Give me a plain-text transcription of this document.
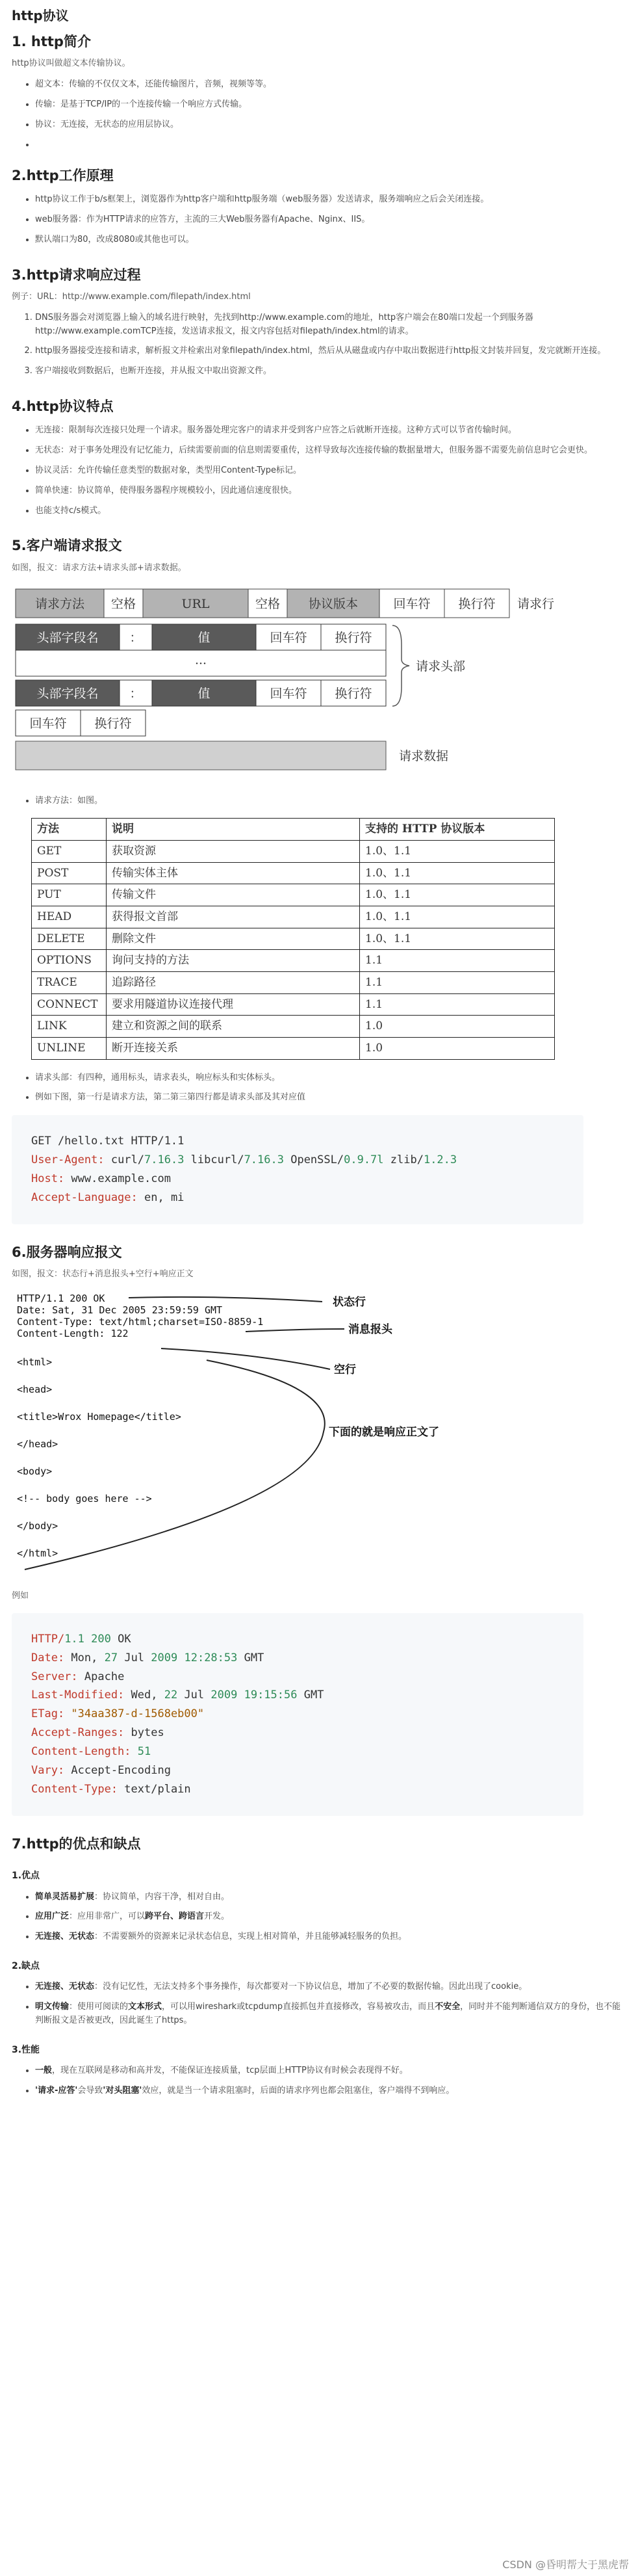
http协议
1. http简介

http协议叫做超文本传输协议。

• 超文本：传输的不仅仅文本，还能传输图片，音频，视频等等。
• 传输：是基于TCP/IP的一个连接传输一个响应方式传输。
• 协议：无连接，无状态的应用层协议。
•
2.http工作原理
• http协议工作于b/s框架上，浏览器作为http客户端和http服务端（web服务器）发送请求，服务端响应之后会关闭连接。
• web服务器：作为HTTP请求的应答方，主流的三大Web服务器有Apache、Nginx、IIS。
• 默认端口为80，改成8080或其他也可以。
3.http请求响应过程

例子：URL：http://www.example.com/filepath/index.html

1. DNS服务器会对浏览器上输入的域名进行映射，先找到http://www.example.com的地址，http客户端会在80端口发起一个到服务器http://www.example.comTCP连接，发送请求报文，报文内容包括对filepath/index.html的请求。
2. http服务器接受连接和请求，解析报文并检索出对象filepath/index.html，然后从从磁盘或内存中取出数据进行http报文封装并回复，发完就断开连接。
3. 客户端接收到数据后，也断开连接，并从报文中取出资源文件。
4.http协议特点
• 无连接：限制每次连接只处理一个请求。服务器处理完客户的请求并受到客户应答之后就断开连接。这种方式可以节省传输时间。
• 无状态：对于事务处理没有记忆能力，后续需要前面的信息则需要重传，这样导致每次连接传输的数据量增大，但服务器不需要先前信息时它会更快。
• 协议灵活：允许传输任意类型的数据对象，类型用Content-Type标记。
• 简单快速：协议简单，使得服务器程序规模较小，因此通信速度很快。
• 也能支持c/s模式。
5.客户端请求报文

如图，报文：请求方法+请求头部+请求数据。

请求方法 空格	URL	空格 协议版本	回车符 换行符 请求行
头部字段名	：	值	回车符 换行符
···
头部字段名	：	值	回车符 换行符
回车符 换行符
请求头部
请求数据
• 请求方法：如图。
方法	说明	支持的 HTTP 协议版本
GET	获取资源	1.0、1.1
POST	传输实体主体	1.0、1.1
PUT	传输文件	1.0、1.1
HEAD	获得报文首部	1.0、1.1
DELETE	删除文件	1.0、1.1
OPTIONS	询问支持的方法	1.1
TRACE	追踪路径	1.1
CONNECT	要求用隧道协议连接代理	1.1
LINK	建立和资源之间的联系	1.0
UNLINE	断开连接关系	1.0
• 请求头部：有四种，通用标头，请求表头，响应标头和实体标头。
• 例如下图，第一行是请求方法，第二第三第四行都是请求头部及其对应值
GET /hello.txt HTTP/1.1
User-Agent: curl/7.16.3 libcurl/7.16.3 OpenSSL/0.9.7l zlib/1.2.3
Host: www.example.com
Accept-Language: en, mi
6.服务器响应报文

如图，报文：状态行+消息报头+空行+响应正文

HTTP/1.1 200 OK
Date: Sat, 31 Dec 2005 23:59:59 GMT
Content-Type: text/html;charset=ISO-8859-1
Content-Length: 122
<html>
<head>
<title>Wrox Homepage</title>
</head>
<body>
<!-- body goes here -->
</body>
</html>
状态行
消息报头
空行
下面的就是响应正文了

例如

HTTP/1.1 200 OK
Date: Mon, 27 Jul 2009 12:28:53 GMT
Server: Apache
Last-Modified: Wed, 22 Jul 2009 19:15:56 GMT
ETag: "34aa387-d-1568eb00"
Accept-Ranges: bytes
Content-Length: 51
Vary: Accept-Encoding
Content-Type: text/plain
7.http的优点和缺点
1.优点
• 简单灵活易扩展：协议简单，内容干净，相对自由。
• 应用广泛：应用非常广，可以跨平台、跨语言开发。
• 无连接、无状态：不需要额外的资源来记录状态信息，实现上相对简单，并且能够减轻服务的负担。
2.缺点
• 无连接、无状态：没有记忆性，无法支持多个事务操作，每次都要对一下协议信息，增加了不必要的数据传输。因此出现了cookie。
• 明文传输：使用可阅读的文本形式，可以用wireshark或tcpdump直接抓包并直接修改，容易被攻击，而且不安全，同时并不能判断通信双方的身份，也不能判断报文是否被更改，因此诞生了https。
3.性能
• 一般，现在互联网是移动和高并发，不能保证连接质量，tcp层面上HTTP协议有时候会表现得不好。
• '请求-应答'会导致'对头阻塞'效应，就是当一个请求阻塞时，后面的请求序列也都会阻塞住，客户端得不到响应。
CSDN @昏明帮大于黑虎帮
